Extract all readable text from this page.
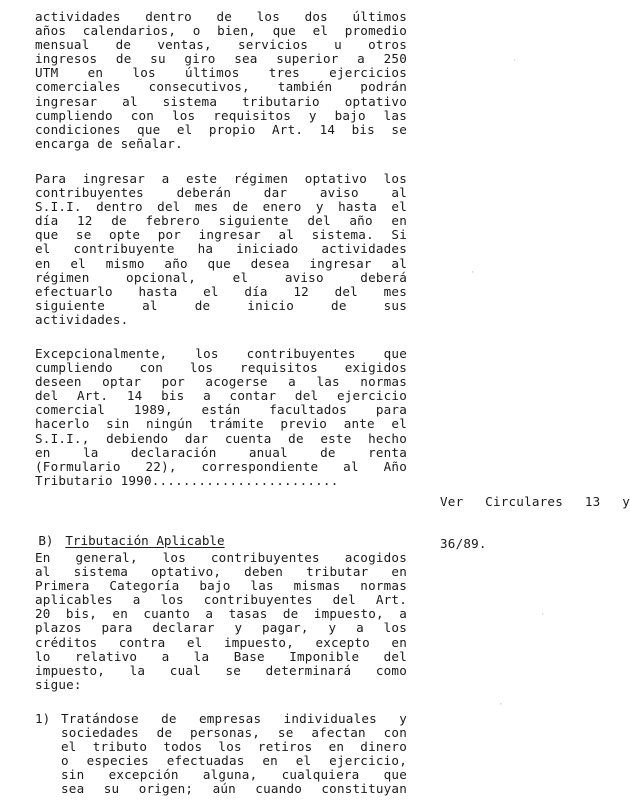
actividades dentro de los dos últimos
años calendarios, o bien, que el promedio
mensual de ventas, servicios u otros
ingresos de su giro sea superior a 250
UTM en los últimos tres ejercicios
comerciales consecutivos, también podrán
ingresar al sistema tributario optativo
cumpliendo con los requisitos y bajo las
condiciones que el propio Art. 14 bis se
encarga de señalar.
Para ingresar a este régimen optativo los
contribuyentes deberán dar aviso al
S.I.I. dentro del mes de enero y hasta el
día 12 de febrero siguiente del año en
que se opte por ingresar al sistema. Si
el contribuyente ha iniciado actividades
en el mismo año que desea ingresar al
régimen opcional, el aviso deberá
efectuarlo hasta el día 12 del mes
siguiente al de inicio de sus
actividades.
Excepcionalmente, los contribuyentes que
cumpliendo con los requisitos exigidos
deseen optar por acogerse a las normas
del Art. 14 bis a contar del ejercicio
comercial 1989, están facultados para
hacerlo sin ningún trámite previo ante el
S.I.I., debiendo dar cuenta de este hecho
en la declaración anual de renta
(Formulario 22), correspondiente al Año
Tributario 1990........................

Ver Circulares 13 y

36/89.

B) Tributación Aplicable

En general, los contribuyentes acogidos
al sistema optativo, deben tributar en
Primera Categoría bajo las mismas normas
aplicables a los contribuyentes del Art.
20 bis, en cuanto a tasas de impuesto, a
plazos para declarar y pagar, y a los
créditos contra el impuesto, excepto en
lo relativo a la Base Imponible del
impuesto, la cual se determinará como
sigue:
1) Tratándose de empresas individuales y
sociedades de personas, se afectan con
el tributo todos los retiros en dinero
o especies efectuadas en el ejercicio,
sin excepción alguna, cualquiera que
sea su origen; aún cuando constituyan
·
·
·
·
